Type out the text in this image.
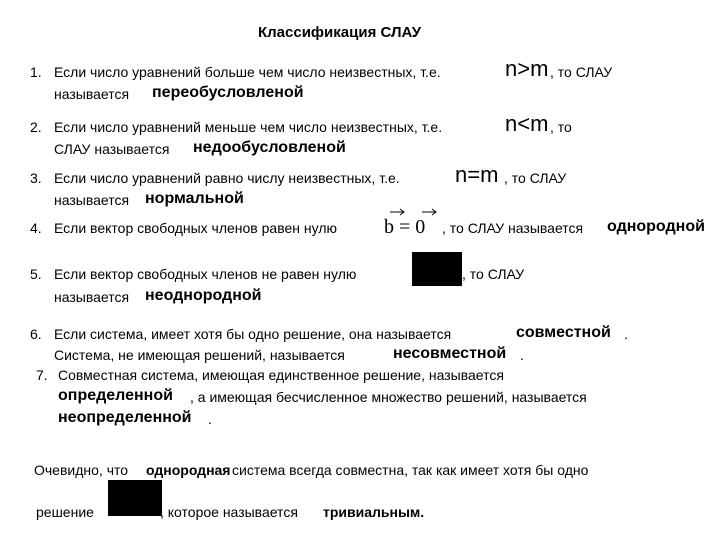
Классификация СЛАУ
1. Если число уравнений больше чем число неизвестных, т.е.	n>m , то СЛАУ
называется переобусловленой
2. Если число уравнений меньше чем число неизвестных, т.е.	n<m , то
СЛАУ называется недообусловленой
3. Если число уравнений равно числу неизвестных, т.е.	n=m , то СЛАУ
называется нормальной
4. Если вектор свободных членов равен нулю b = 0 , то СЛАУ называется однородной
5. Если вектор свободных членов не равен нулю	, то СЛАУ
называется неоднородной
6. Если система, имеет хотя бы одно решение, она называется	совместной .
Система, не имеющая решений, называется	несовместной .
7. Совместная система, имеющая единственное решение, называется
определенной , а имеющая бесчисленное множество решений, называется
неопределенной .
Очевидно, что однородная система всегда совместна, так как имеет хотя бы одно
решение	, которое называется тривиальным.
